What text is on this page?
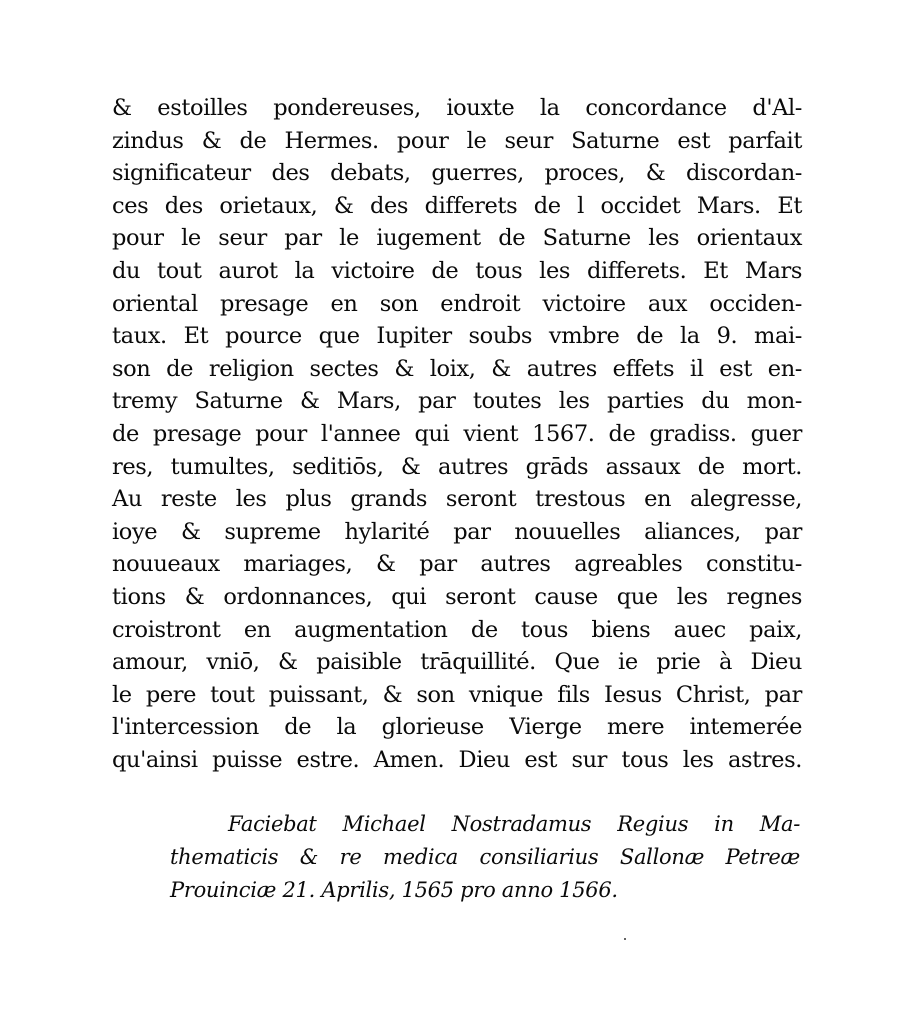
& estoilles pondereuses, iouxte la concordance d'Al-
zindus & de Hermes. pour le seur Saturne est parfait
significateur des debats, guerres, proces, & discordan-
ces des orietaux, & des differets de l occidet Mars. Et
pour le seur par le iugement de Saturne les orientaux
du tout aurot la victoire de tous les differets. Et Mars
oriental presage en son endroit victoire aux occiden-
taux. Et pource que Iupiter soubs vmbre de la 9. mai-
son de religion sectes & loix, & autres effets il est en-
tremy Saturne & Mars, par toutes les parties du mon-
de presage pour l'annee qui vient 1567. de gradiss. guer
res, tumultes, seditiōs, & autres grāds assaux de mort.
Au reste les plus grands seront trestous en alegresse,
ioye & supreme hylarité par nouuelles aliances, par
nouueaux mariages, & par autres agreables constitu-
tions & ordonnances, qui seront cause que les regnes
croistront en augmentation de tous biens auec paix,
amour, vniō, & paisible trāquillité. Que ie prie à Dieu
le pere tout puissant, & son vnique fils Iesus Christ, par
l'intercession de la glorieuse Vierge mere intemerée
qu'ainsi puisse estre. Amen. Dieu est sur tous les astres.
Faciebat Michael Nostradamus Regius in Ma-
thematicis & re medica consiliarius Sallonæ Petreæ
Prouinciæ 21. Aprilis, 1565 pro anno 1566.
